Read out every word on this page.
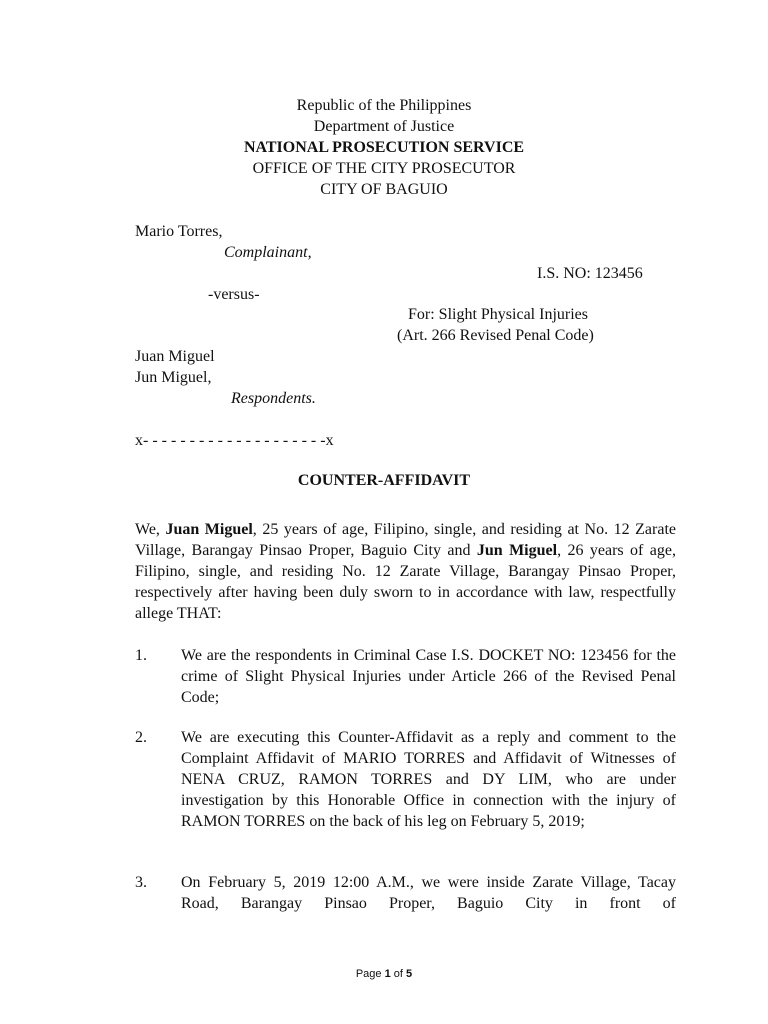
Republic of the Philippines
Department of Justice
NATIONAL PROSECUTION SERVICE
OFFICE OF THE CITY PROSECUTOR
CITY OF BAGUIO
Mario Torres,
Complainant,
I.S. NO: 123456
-versus-
For: Slight Physical Injuries
(Art. 266 Revised Penal Code)
Juan Miguel
Jun Miguel,
Respondents.
x- - - - - - - - - - - - - - - - - - - -x
COUNTER-AFFIDAVIT
We, Juan Miguel, 25 years of age, Filipino, single, and residing at No. 12 Zarate Village, Barangay Pinsao Proper, Baguio City and Jun Miguel, 26 years of age, Filipino, single, and residing No. 12 Zarate Village, Barangay Pinsao Proper, respectively after having been duly sworn to in accordance with law, respectfully allege THAT:
1. We are the respondents in Criminal Case I.S. DOCKET NO: 123456 for the crime of Slight Physical Injuries under Article 266 of the Revised Penal Code;
2. We are executing this Counter-Affidavit as a reply and comment to the Complaint Affidavit of MARIO TORRES and Affidavit of Witnesses of NENA CRUZ, RAMON TORRES and DY LIM, who are under investigation by this Honorable Office in connection with the injury of RAMON TORRES on the back of his leg on February 5, 2019;
3. On February 5, 2019 12:00 A.M., we were inside Zarate Village, Tacay Road, Barangay Pinsao Proper, Baguio City in front of
Page 1 of 5
